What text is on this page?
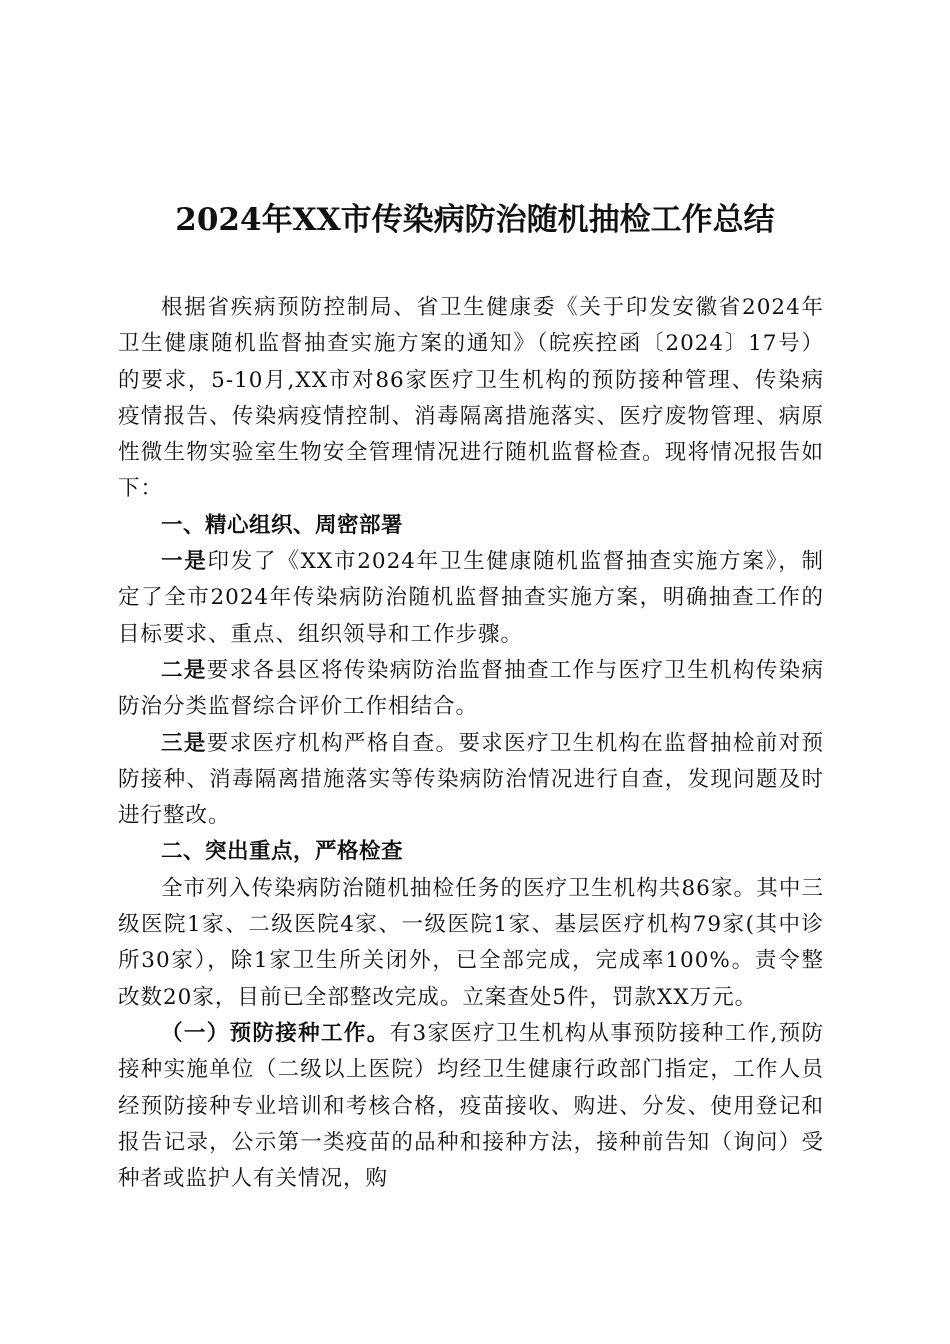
2024年XX市传染病防治随机抽检工作总结

根据省疾病预防控制局、省卫生健康委《关于印发安徽省2024年卫生健康随机监督抽查实施方案的通知》（皖疾控函〔2024〕17号）的要求，5-10月,XX市对86家医疗卫生机构的预防接种管理、传染病疫情报告、传染病疫情控制、消毒隔离措施落实、医疗废物管理、病原性微生物实验室生物安全管理情况进行随机监督检查。现将情况报告如下：

一、精心组织、周密部署

一是印发了《XX市2024年卫生健康随机监督抽查实施方案》，制定了全市2024年传染病防治随机监督抽查实施方案，明确抽查工作的目标要求、重点、组织领导和工作步骤。

二是要求各县区将传染病防治监督抽查工作与医疗卫生机构传染病防治分类监督综合评价工作相结合。

三是要求医疗机构严格自查。要求医疗卫生机构在监督抽检前对预防接种、消毒隔离措施落实等传染病防治情况进行自查，发现问题及时进行整改。

二、突出重点，严格检查

全市列入传染病防治随机抽检任务的医疗卫生机构共86家。其中三级医院1家、二级医院4家、一级医院1家、基层医疗机构79家(其中诊所30家），除1家卫生所关闭外，已全部完成，完成率100%。责令整改数20家，目前已全部整改完成。立案查处5件，罚款XX万元。

（一）预防接种工作。有3家医疗卫生机构从事预防接种工作,预防接种实施单位（二级以上医院）均经卫生健康行政部门指定，工作人员经预防接种专业培训和考核合格，疫苗接收、购进、分发、使用登记和报告记录，公示第一类疫苗的品种和接种方法，接种前告知（询问）受种者或监护人有关情况，购
